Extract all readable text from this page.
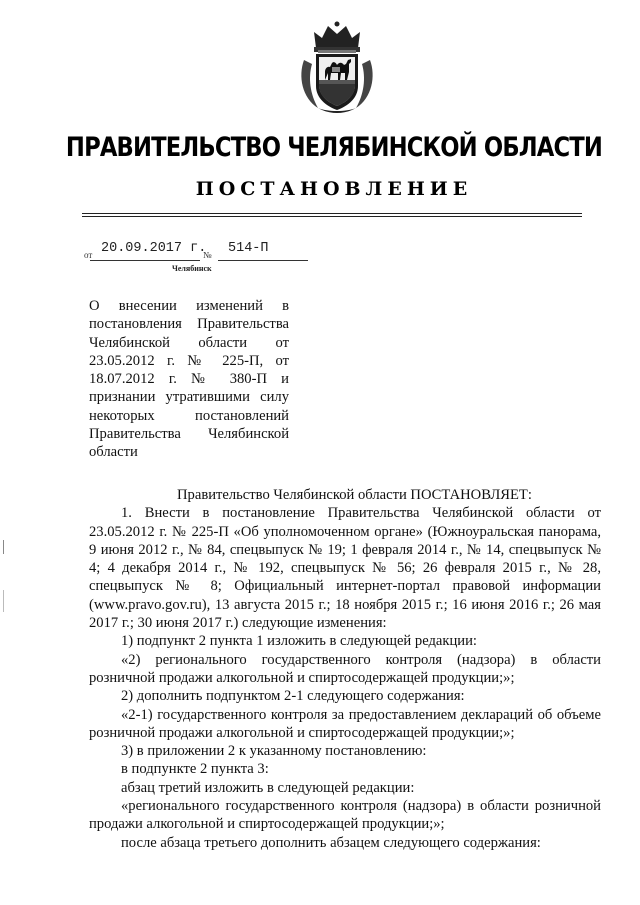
ПРАВИТЕЛЬСТВО ЧЕЛЯБИНСКОЙ ОБЛАСТИ
ПОСТАНОВЛЕНИЕ
от 20.09.2017 г.
№ 514-П
Челябинск
О внесении изменений в постановления Правительства Челябинской области от 23.05.2012 г. № 225-П, от 18.07.2012 г. № 380-П и признании утратившими силу некоторых постановлений Правительства Челябинской области

Правительство Челябинской области ПОСТАНОВЛЯЕТ:

1. Внести в постановление Правительства Челябинской области от 23.05.2012 г. № 225-П «Об уполномоченном органе» (Южноуральская панорама, 9 июня 2012 г., № 84, спецвыпуск № 19; 1 февраля 2014 г., № 14, спецвыпуск № 4; 4 декабря 2014 г., № 192, спецвыпуск № 56; 26 февраля 2015 г., № 28, спецвыпуск № 8; Официальный интернет-портал правовой информации (www.pravo.gov.ru), 13 августа 2015 г.; 18 ноября 2015 г.; 16 июня 2016 г.; 26 мая 2017 г.; 30 июня 2017 г.) следующие изменения:

1) подпункт 2 пункта 1 изложить в следующей редакции:

«2) регионального государственного контроля (надзора) в области розничной продажи алкогольной и спиртосодержащей продукции;»;

2) дополнить подпунктом 2-1 следующего содержания:

«2-1) государственного контроля за предоставлением деклараций об объеме розничной продажи алкогольной и спиртосодержащей продукции;»;

3) в приложении 2 к указанному постановлению:

в подпункте 2 пункта 3:

абзац третий изложить в следующей редакции:

«регионального государственного контроля (надзора) в области розничной продажи алкогольной и спиртосодержащей продукции;»;

после абзаца третьего дополнить абзацем следующего содержания:
